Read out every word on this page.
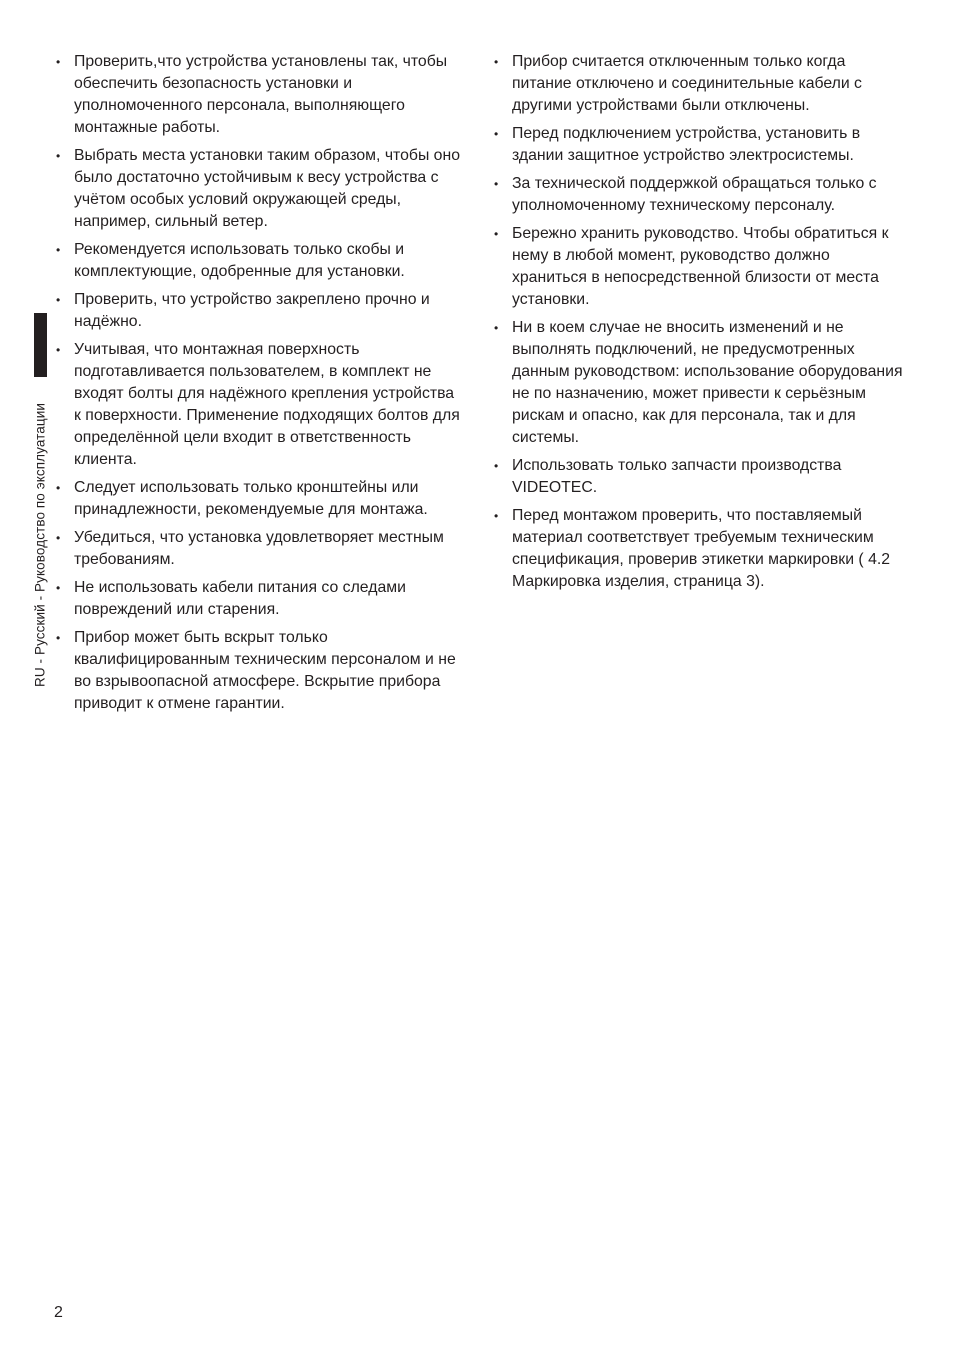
RU - Русский - Руководство по эксплуатации
• Проверить,что устройства установлены так, чтобы обеспечить безопасность установки и уполномоченного персонала, выполняющего монтажные работы.
• Выбрать места установки таким образом, чтобы оно было достаточно устойчивым к весу устройства с учётом особых условий окружающей среды, например, сильный ветер.
• Рекомендуется использовать только скобы и комплектующие, одобренные для установки.
• Проверить, что устройство закреплено прочно и надёжно.
• Учитывая, что монтажная поверхность подготавливается пользователем, в комплект не входят болты для надёжного крепления устройства к поверхности. Применение подходящих болтов для определённой цели входит в ответственность клиента.
• Следует использовать только кронштейны или принадлежности, рекомендуемые для монтажа.
• Убедиться, что установка удовлетворяет местным требованиям.
• Не использовать кабели питания со следами повреждений или старения.
• Прибор может быть вскрыт только квалифицированным техническим персоналом и не во взрывоопасной атмосфере. Вскрытие прибора приводит к отмене гарантии.
• Прибор считается отключенным только когда питание отключено и соединительные кабели с другими устройствами были отключены.
• Перед подключением устройства, установить в здании защитное устройство электросистемы.
• За технической поддержкой обращаться только с уполномоченному техническому персоналу.
• Бережно хранить руководство. Чтобы обратиться к нему в любой момент, руководство должно храниться в непосредственной близости от места установки.
• Ни в коем случае не вносить изменений и не выполнять подключений, не предусмотренных данным руководством: использование оборудования не по назначению, может привести к серьёзным рискам и опасно, как для персонала, так и для системы.
• Использовать только запчасти производства VIDEOTEC.
• Перед монтажом проверить, что поставляемый материал соответствует требуемым техническим спецификация, проверив этикетки маркировки ( 4.2 Маркировка изделия, страница 3).
2
